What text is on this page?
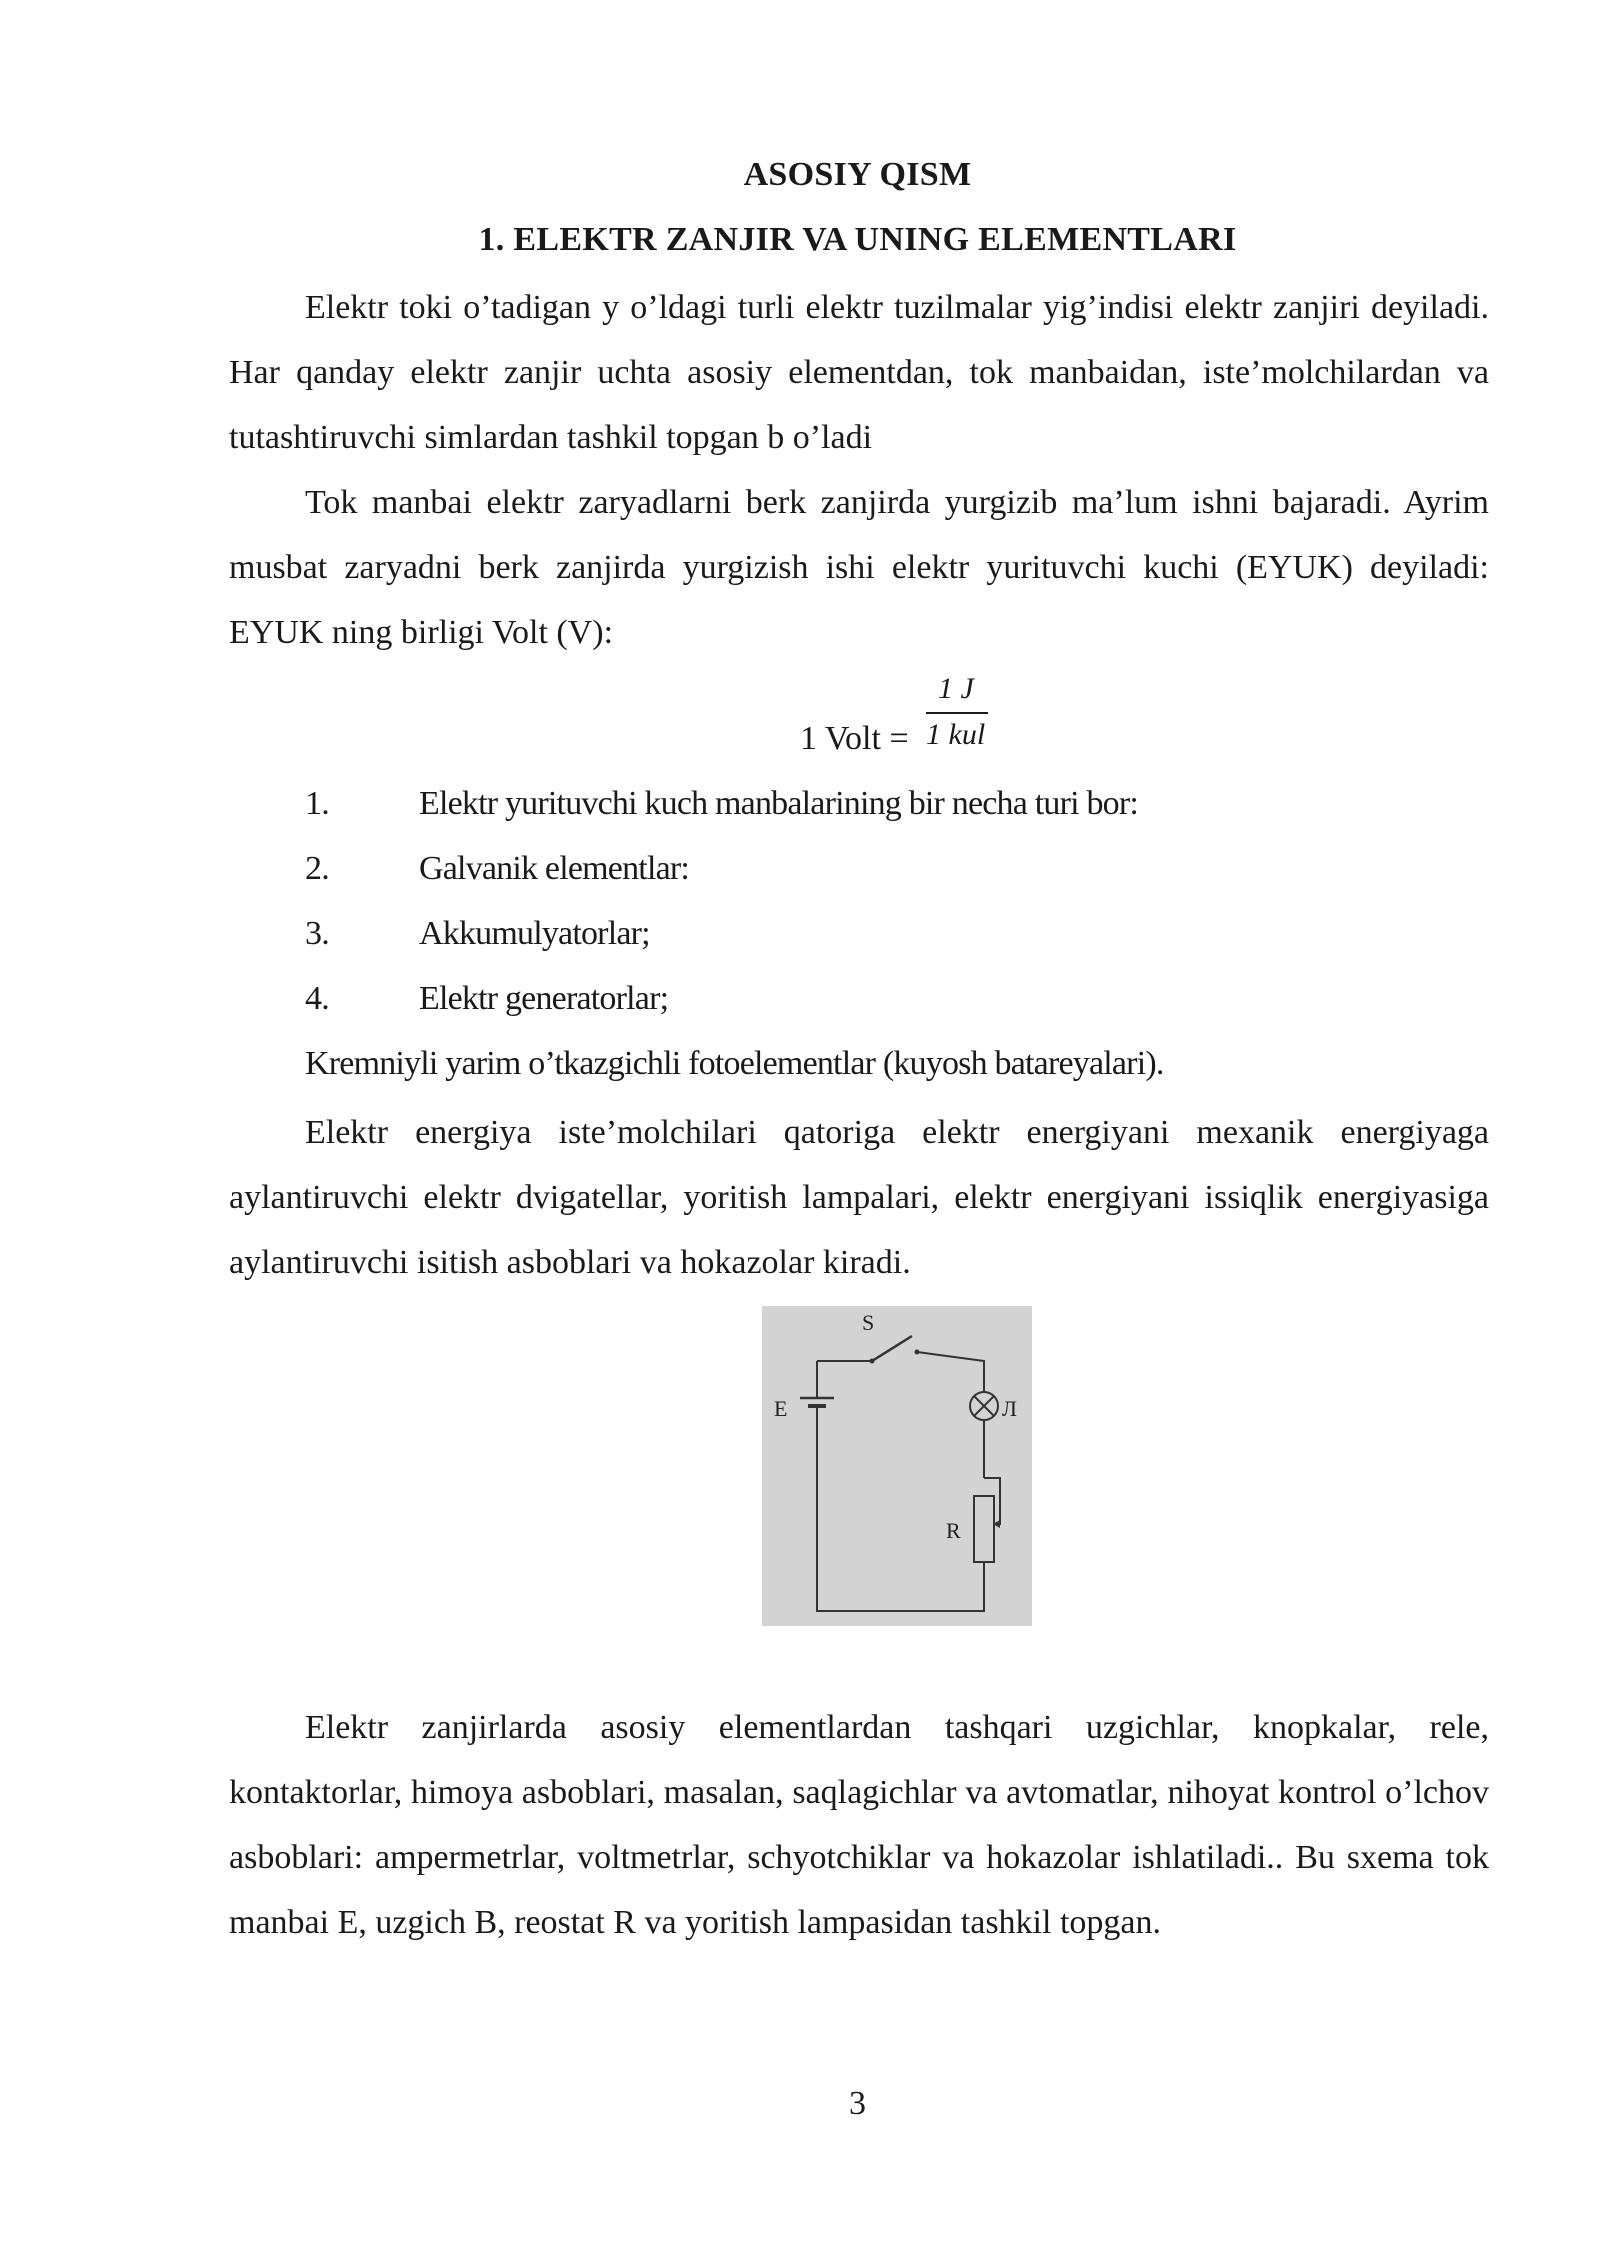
ASOSIY QISM
1. ELEKTR ZANJIR VA UNING ELEMENTLARI
Elektr toki o’tadigan y o’ldagi turli elektr tuzilmalar yig’indisi elektr zanjiri deyiladi. Har qanday elektr zanjir uchta asosiy elementdan, tok manbaidan, iste’molchilardan va tutashtiruvchi simlardan tashkil topgan b o’ladi
Tok manbai elektr zaryadlarni berk zanjirda yurgizib ma’lum ishni bajaradi. Ayrim musbat zaryadni berk zanjirda yurgizish ishi elektr yurituvchi kuchi (EYUK) deyiladi: EYUK ning birligi Volt (V):
1 Volt =
1 J
1 kul
1.	Elektr yurituvchi kuch manbalarining bir necha turi bor:
2.	Galvanik elementlar:
3.	Akkumulyatorlar;
4.	Elektr generatorlar;
Kremniyli yarim o’tkazgichli fotoelementlar (kuyosh batareyalari).
Elektr energiya iste’molchilari qatoriga elektr energiyani mexanik energiyaga aylantiruvchi elektr dvigatellar, yoritish lampalari, elektr energiyani issiqlik energiyasiga aylantiruvchi isitish asboblari va hokazolar kiradi.
S
E	Л
R
Elektr zanjirlarda asosiy elementlardan tashqari uzgichlar, knopkalar, rele, kontaktorlar, himoya asboblari, masalan, saqlagichlar va avtomatlar, nihoyat kontrol o’lchov asboblari: ampermetrlar, voltmetrlar, schyotchiklar va hokazolar ishlatiladi.. Bu sxema tok manbai E, uzgich B, reostat R va yoritish lampasidan tashkil topgan.
3
